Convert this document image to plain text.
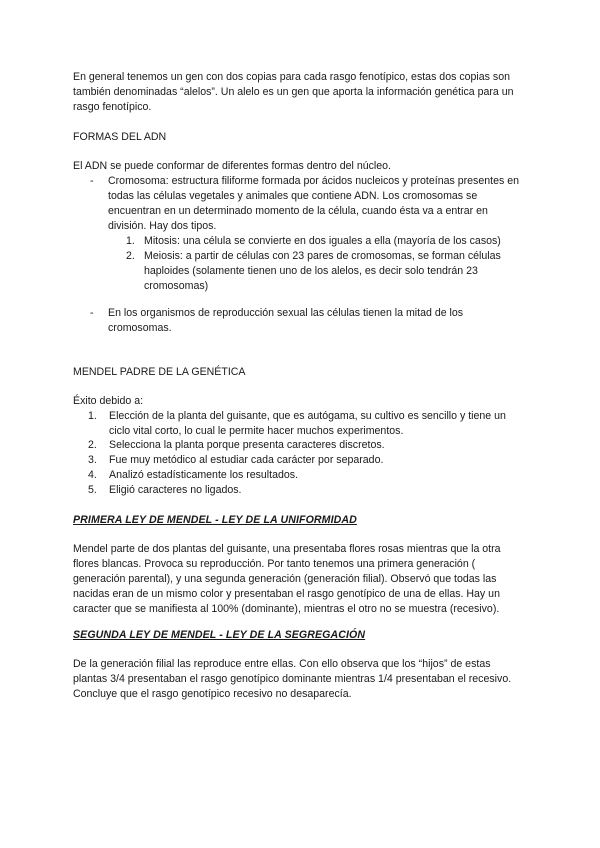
En general tenemos un gen con dos copias para cada rasgo fenotípico, estas dos copias son también denominadas “alelos”. Un alelo es un gen que aporta la información genética para un rasgo fenotípico.

FORMAS DEL ADN

El ADN se puede conformar de diferentes formas dentro del núcleo.

- Cromosoma: estructura filiforme formada por ácidos nucleicos y proteínas presentes en todas las células vegetales y animales que contiene ADN. Los cromosomas se encuentran en un determinado momento de la célula, cuando ésta va a entrar en división. Hay dos tipos.
1. Mitosis: una célula se convierte en dos iguales a ella (mayoría de los casos)
2. Meiosis: a partir de células con 23 pares de cromosomas, se forman células haploides (solamente tienen uno de los alelos, es decir solo tendrán 23 cromosomas)
- En los organismos de reproducción sexual las células tienen la mitad de los cromosomas.
MENDEL PADRE DE LA GENÉTICA

Éxito debido a:

1. Elección de la planta del guisante, que es autógama, su cultivo es sencillo y tiene un ciclo vital corto, lo cual le permite hacer muchos experimentos.
2. Selecciona la planta porque presenta caracteres discretos.
3. Fue muy metódico al estudiar cada carácter por separado.
4. Analizó estadísticamente los resultados.
5. Eligió caracteres no ligados.
PRIMERA LEY DE MENDEL - LEY DE LA UNIFORMIDAD

Mendel parte de dos plantas del guisante, una presentaba flores rosas mientras que la otra flores blancas. Provoca su reproducción. Por tanto tenemos una primera generación ( generación parental), y una segunda generación (generación filial). Observó que todas las nacidas eran de un mismo color y presentaban el rasgo genotípico de una de ellas. Hay un caracter que se manifiesta al 100% (dominante), mientras el otro no se muestra (recesivo).

SEGUNDA LEY DE MENDEL - LEY DE LA SEGREGACIÓN

De la generación filial las reproduce entre ellas. Con ello observa que los “hijos” de estas plantas 3/4 presentaban el rasgo genotípico dominante mientras 1/4 presentaban el recesivo. Concluye que el rasgo genotípico recesivo no desaparecía.
